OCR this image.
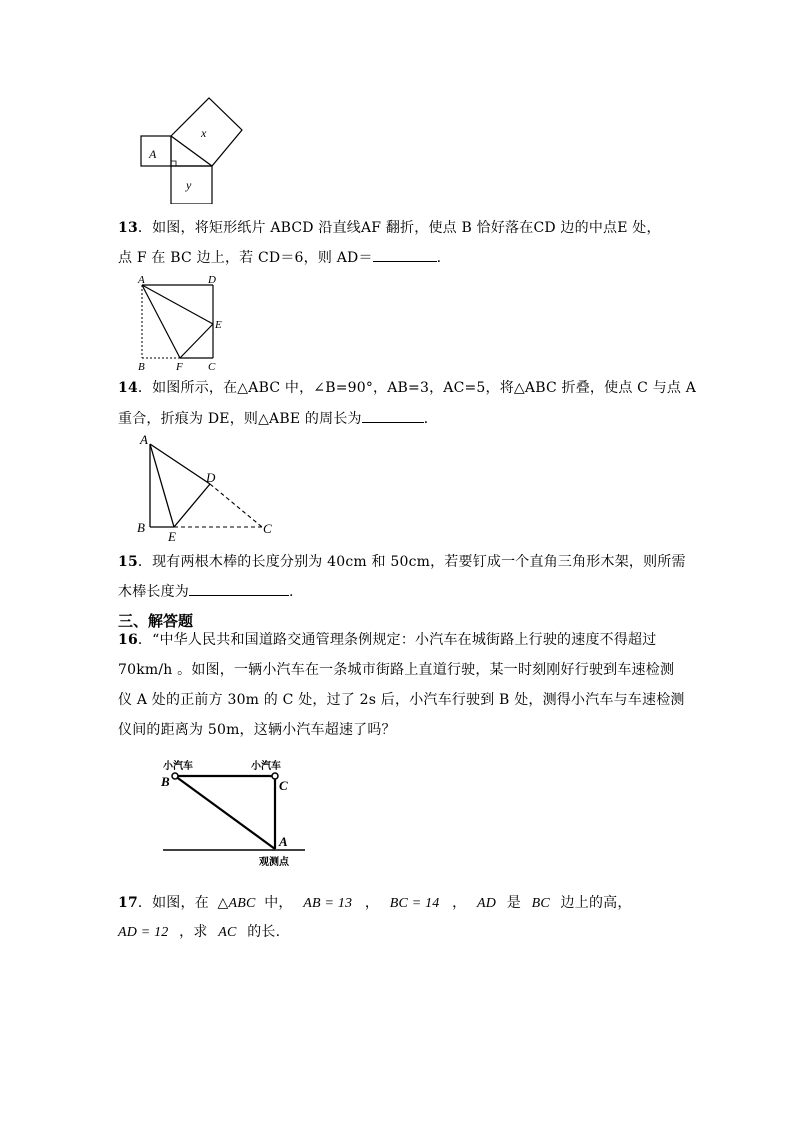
A
x
y
13．如图，将矩形纸片 ABCD 沿直线AF 翻折，使点 B 恰好落在CD 边的中点E 处，
点 F 在 BC 边上，若 CD＝6，则 AD＝	.
A	D
E
B	F C
14．如图所示，在△ABC 中，∠B=90°，AB=3，AC=5，将△ABC 折叠，使点 C 与点 A
重合，折痕为 DE，则△ABE 的周长为	．
A
D
B
E
C
15．现有两根木棒的长度分别为 40cm 和 50cm，若要钉成一个直角三角形木架，则所需
木棒长度为	.
三、解答题
16．“中华人民共和国道路交通管理条例规定：小汽车在城街路上行驶的速度不得超过
70km/h 。如图，一辆小汽车在一条城市街路上直道行驶，某一时刻刚好行驶到车速检测
仪 A 处的正前方 30m 的 C 处，过了 2s 后，小汽车行驶到 B 处，测得小汽车与车速检测
仪间的距离为 50m，这辆小汽车超速了吗？
小汽车	小汽车
B	C
A
观测点
17．如图，在 △ABC 中， AB = 13 ， BC = 14 ， AD 是 BC 边上的高，
AD = 12 ，求 AC 的长.
